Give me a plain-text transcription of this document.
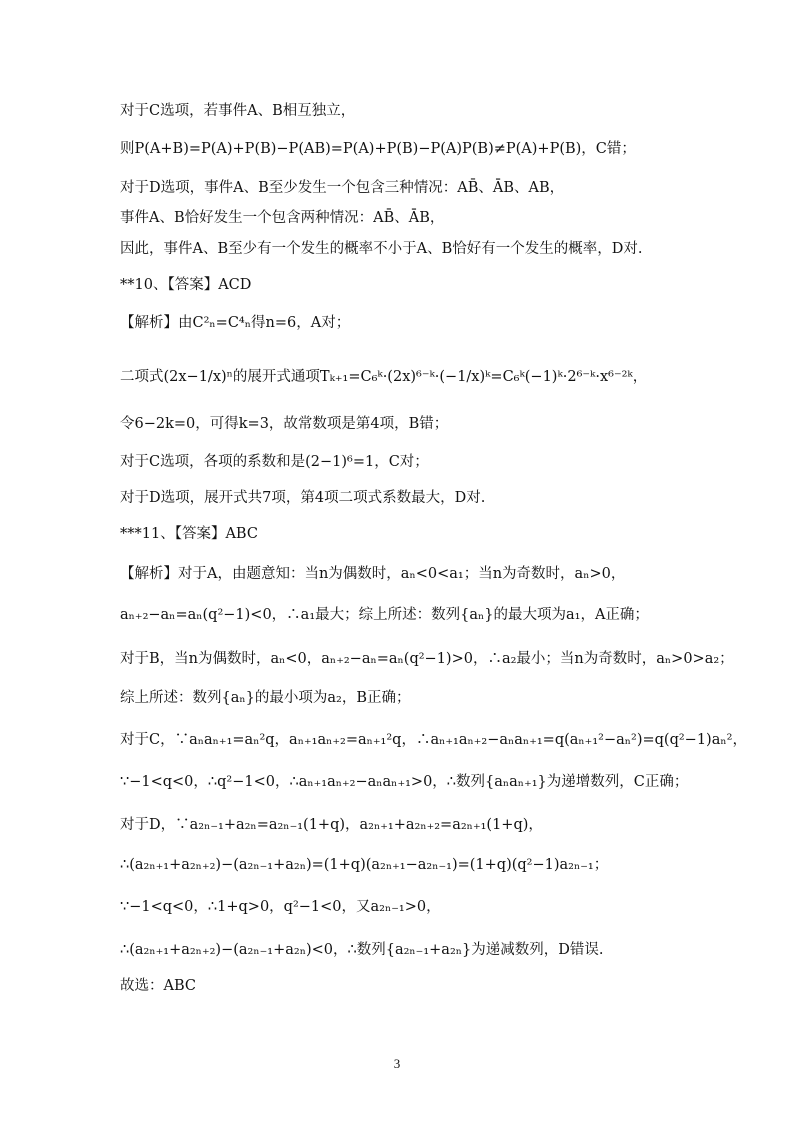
对于C选项，若事件A、B相互独立，
则P(A+B)=P(A)+P(B)−P(AB)=P(A)+P(B)−P(A)P(B)≠P(A)+P(B)，C错；
对于D选项，事件A、B至少发生一个包含三种情况：AB̄、ĀB、AB，
事件A、B恰好发生一个包含两种情况：AB̄、ĀB，
因此，事件A、B至少有一个发生的概率不小于A、B恰好有一个发生的概率，D对.
**10、【答案】ACD
【解析】由C²ₙ=C⁴ₙ得n=6，A对；
二项式(2x−1/x)ⁿ的展开式通项Tₖ₊₁=C₆ᵏ·(2x)⁶⁻ᵏ·(−1/x)ᵏ=C₆ᵏ(−1)ᵏ·2⁶⁻ᵏ·x⁶⁻²ᵏ，
令6−2k=0，可得k=3，故常数项是第4项，B错；
对于C选项，各项的系数和是(2−1)⁶=1，C对；
对于D选项，展开式共7项，第4项二项式系数最大，D对.
***11、【答案】ABC
【解析】对于A，由题意知：当n为偶数时，aₙ<0<a₁；当n为奇数时，aₙ>0，
aₙ₊₂−aₙ=aₙ(q²−1)<0，∴a₁最大；综上所述：数列{aₙ}的最大项为a₁，A正确；
对于B，当n为偶数时，aₙ<0，aₙ₊₂−aₙ=aₙ(q²−1)>0，∴a₂最小；当n为奇数时，aₙ>0>a₂；
综上所述：数列{aₙ}的最小项为a₂，B正确；
对于C，∵aₙaₙ₊₁=aₙ²q，aₙ₊₁aₙ₊₂=aₙ₊₁²q，∴aₙ₊₁aₙ₊₂−aₙaₙ₊₁=q(aₙ₊₁²−aₙ²)=q(q²−1)aₙ²，
∵−1<q<0，∴q²−1<0，∴aₙ₊₁aₙ₊₂−aₙaₙ₊₁>0，∴数列{aₙaₙ₊₁}为递增数列，C正确；
对于D，∵a₂ₙ₋₁+a₂ₙ=a₂ₙ₋₁(1+q)，a₂ₙ₊₁+a₂ₙ₊₂=a₂ₙ₊₁(1+q)，
∴(a₂ₙ₊₁+a₂ₙ₊₂)−(a₂ₙ₋₁+a₂ₙ)=(1+q)(a₂ₙ₊₁−a₂ₙ₋₁)=(1+q)(q²−1)a₂ₙ₋₁；
∵−1<q<0，∴1+q>0，q²−1<0，又a₂ₙ₋₁>0，
∴(a₂ₙ₊₁+a₂ₙ₊₂)−(a₂ₙ₋₁+a₂ₙ)<0，∴数列{a₂ₙ₋₁+a₂ₙ}为递减数列，D错误.
故选：ABC
3
